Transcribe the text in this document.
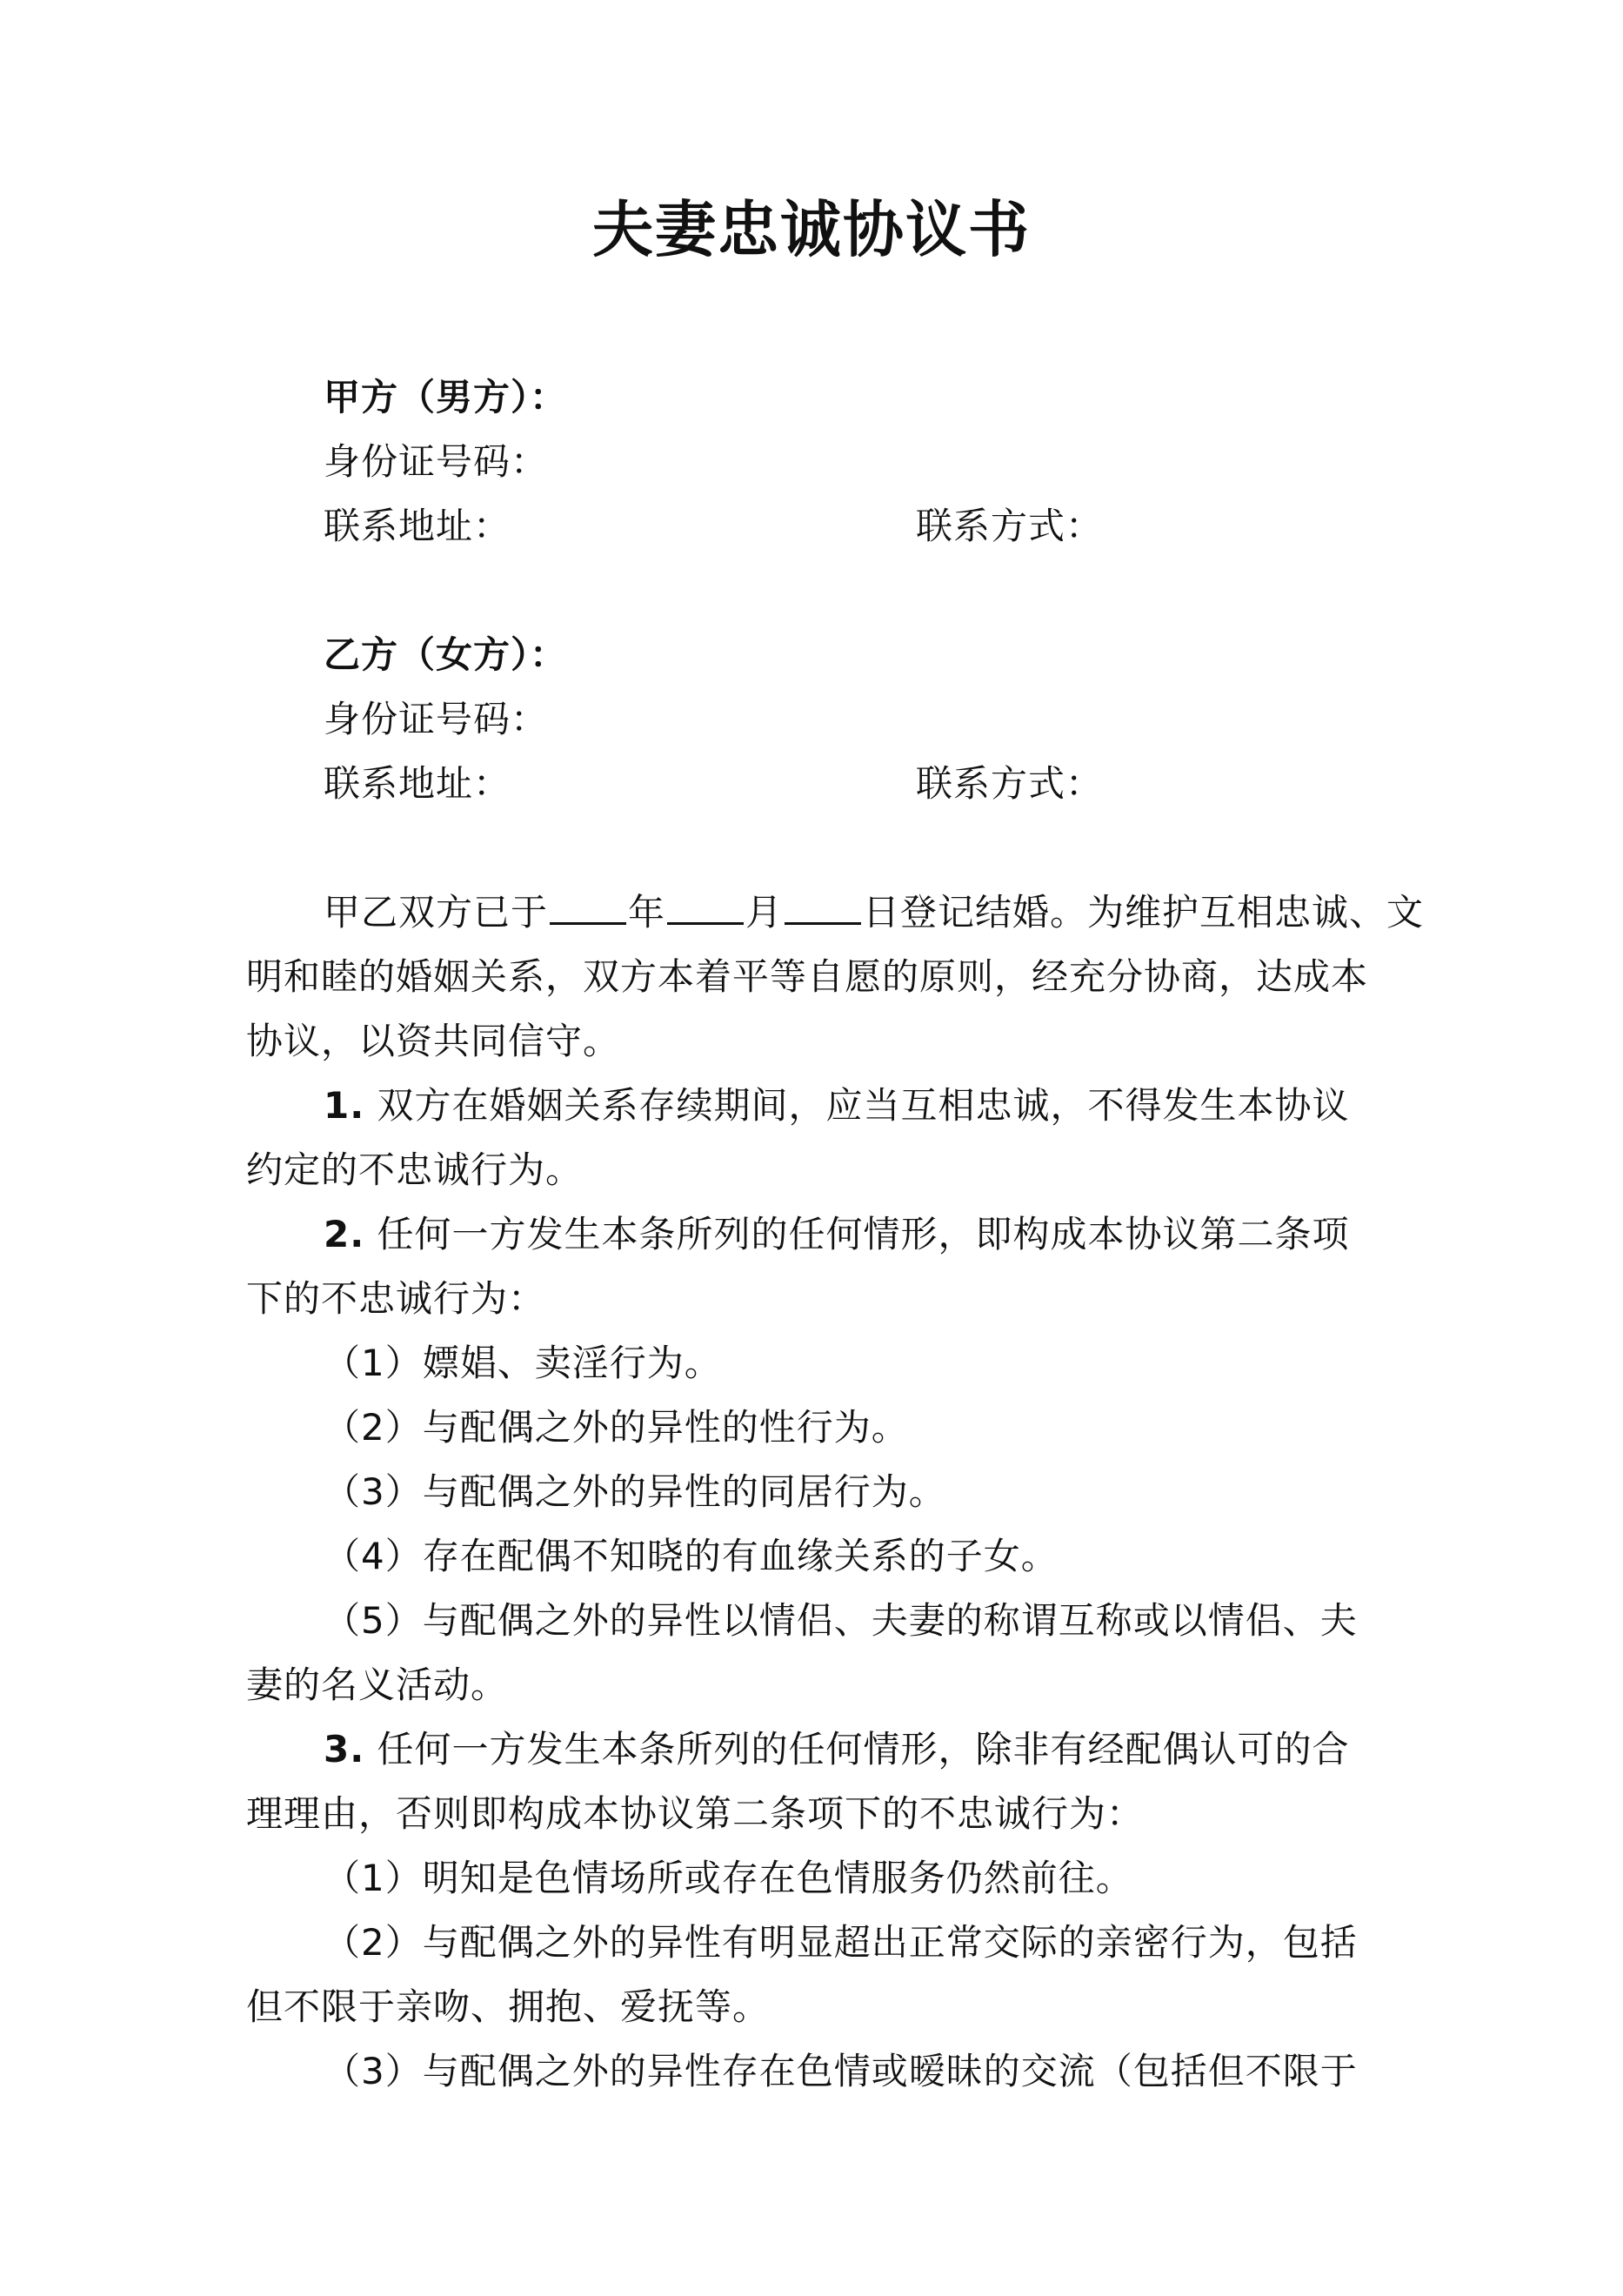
夫妻忠诚协议书
甲方（男方）：
身份证号码：
联系地址：	联系方式：
乙方（女方）：
身份证号码：
联系地址：	联系方式：
甲乙双方已于 年 月 日登记结婚。为维护互相忠诚、文
明和睦的婚姻关系，双方本着平等自愿的原则，经充分协商，达成本
协议，以资共同信守。
1. 双方在婚姻关系存续期间，应当互相忠诚，不得发生本协议
约定的不忠诚行为。
2. 任何一方发生本条所列的任何情形，即构成本协议第二条项
下的不忠诚行为：
（1）嫖娼、卖淫行为。
（2）与配偶之外的异性的性行为。
（3）与配偶之外的异性的同居行为。
（4）存在配偶不知晓的有血缘关系的子女。
（5）与配偶之外的异性以情侣、夫妻的称谓互称或以情侣、夫
妻的名义活动。
3. 任何一方发生本条所列的任何情形，除非有经配偶认可的合
理理由，否则即构成本协议第二条项下的不忠诚行为：
（1）明知是色情场所或存在色情服务仍然前往。
（2）与配偶之外的异性有明显超出正常交际的亲密行为，包括
但不限于亲吻、拥抱、爱抚等。
（3）与配偶之外的异性存在色情或暧昧的交流（包括但不限于
